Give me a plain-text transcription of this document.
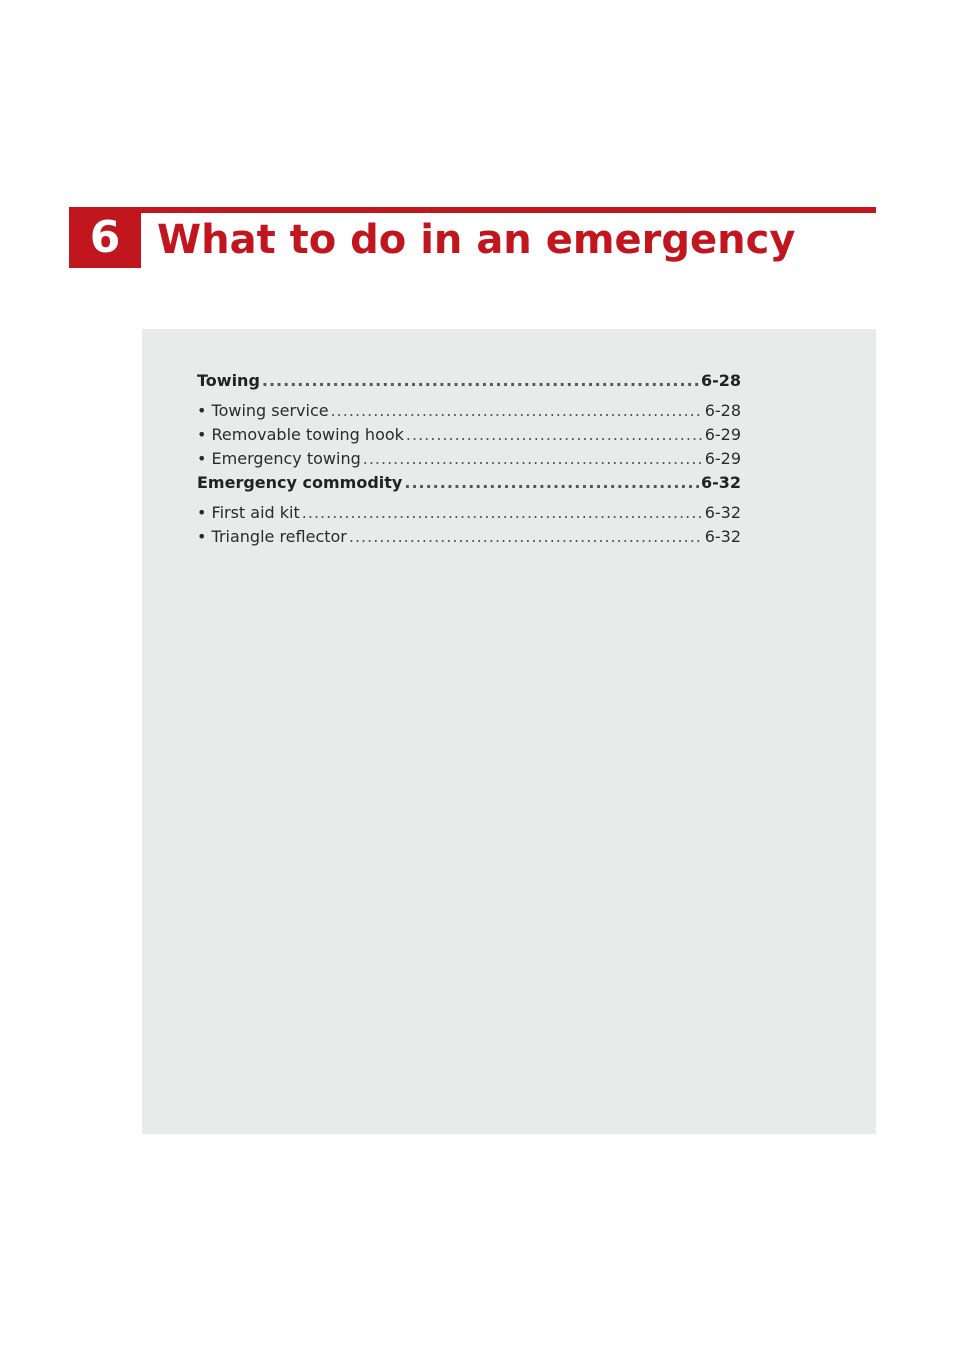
6 What to do in an emergency
Towing .....	6-28
• Towing service .....	6-28
• Removable towing hook .....	6-29
• Emergency towing .....	6-29
Emergency commodity .....	6-32
• First aid kit .....	6-32
• Triangle reflector .....	6-32
